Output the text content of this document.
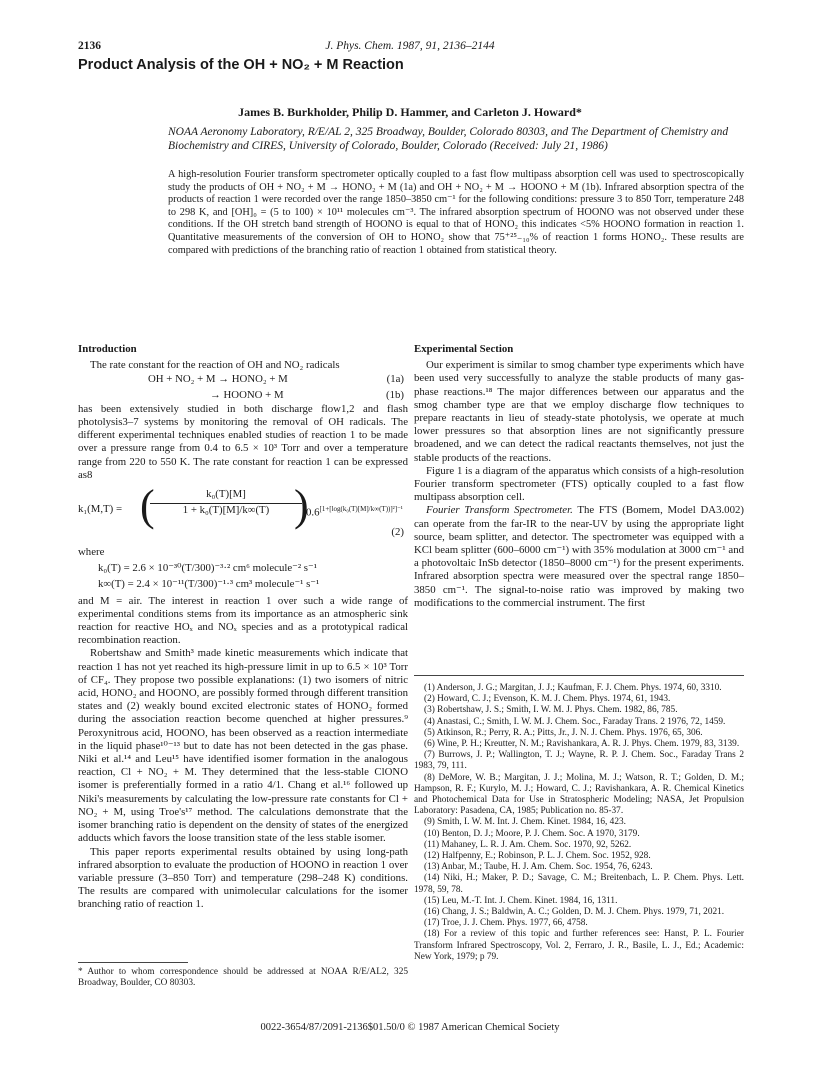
2136	J. Phys. Chem. 1987, 91, 2136–2144
Product Analysis of the OH + NO₂ + M Reaction
James B. Burkholder, Philip D. Hammer, and Carleton J. Howard*
NOAA Aeronomy Laboratory, R/E/AL 2, 325 Broadway, Boulder, Colorado 80303, and The Department of Chemistry and Biochemistry and CIRES, University of Colorado, Boulder, Colorado (Received: July 21, 1986)
A high-resolution Fourier transform spectrometer optically coupled to a fast flow multipass absorption cell was used to spectroscopically study the products of OH + NO₂ + M → HONO₂ + M (1a) and OH + NO₂ + M → HOONO + M (1b). Infrared absorption spectra of the products of reaction 1 were recorded over the range 1850–3850 cm⁻¹ for the following conditions: pressure 3 to 850 Torr, temperature 248 to 298 K, and [OH]₀ = (5 to 100) × 10¹¹ molecules cm⁻³. The infrared absorption spectrum of HOONO was not observed under these conditions. If the OH stretch band strength of HOONO is equal to that of HONO₂ this indicates <5% HOONO formation in reaction 1. Quantitative measurements of the conversion of OH to HONO₂ show that 75⁺²⁵₋₁₀% of reaction 1 forms HONO₂. These results are compared with predictions of the branching ratio of reaction 1 obtained from statistical theory.
Introduction
The rate constant for the reaction of OH and NO₂ radicals
OH + NO₂ + M → HONO₂ + M	(1a)
→ HOONO + M	(1b)
has been extensively studied in both discharge flow1,2 and flash photolysis3–7 systems by monitoring the removal of OH radicals. The different experimental techniques enabled studies of reaction 1 to be made over a pressure range from 0.4 to 6.5 × 10³ Torr and over a temperature range from 220 to 550 K. The rate constant for reaction 1 can be expressed as8
k₁(M,T) = (
$\frac{\text{k₀(T)[M]}}{\text{1 + k₀(T)[M]/k∞(T)}}$
)
$0.6^{[1+[log(k_0(T)[M]/k\infty(T))]^2]^{-1}}$
(2)
where
k₀(T) = 2.6 × 10⁻³⁰(T/300)⁻³·² cm⁶ molecule⁻² s⁻¹
k∞(T) = 2.4 × 10⁻¹¹(T/300)⁻¹·³ cm³ molecule⁻¹ s⁻¹
and M = air. The interest in reaction 1 over such a wide range of experimental conditions stems from its importance as an atmospheric sink reaction for reactive HOₓ and NOₓ species and as a prototypical radical recombination reaction.
Robertshaw and Smith³ made kinetic measurements which indicate that reaction 1 has not yet reached its high-pressure limit in up to 6.5 × 10³ Torr of CF₄. They propose two possible explanations: (1) two isomers of nitric acid, HONO₂ and HOONO, are possibly formed through different transition states and (2) weakly bound excited electronic states of HONO₂ formed during the association reaction become quenched at higher pressures.⁹ Peroxynitrous acid, HOONO, has been observed as a reaction intermediate in the liquid phase¹⁰⁻¹³ but to date has not been detected in the gas phase. Niki et al.¹⁴ and Leu¹⁵ have identified isomer formation in the analogous reaction, Cl + NO₂ + M. They determined that the less-stable ClONO isomer is preferentially formed in a ratio 4/1. Chang et al.¹⁶ followed up Niki's measurements by calculating the low-pressure rate constants for Cl + NO₂ + M, using Troe's¹⁷ method. The calculations demonstrate that the isomer branching ratio is dependent on the density of states of the energized adducts which favors the loose transition state of the less stable isomer.
This paper reports experimental results obtained by using long-path infrared absorption to evaluate the production of HOONO in reaction 1 over variable pressure (3–850 Torr) and temperature (298–248 K) conditions. The results are compared with unimolecular calculations for the isomer branching ratio of reaction 1.
* Author to whom correspondence should be addressed at NOAA R/E/AL2, 325 Broadway, Boulder, CO 80303.
Experimental Section
Our experiment is similar to smog chamber type experiments which have been used very successfully to analyze the stable products of many gas-phase reactions.¹⁸ The major differences between our apparatus and the smog chamber type are that we employ discharge flow techniques to prepare reactants in lieu of steady-state photolysis, we operate at much lower pressures so that absorption lines are not significantly pressure broadened, and we can detect the radical reactants themselves, not just the stable products of the reactions.
Figure 1 is a diagram of the apparatus which consists of a high-resolution Fourier transform spectrometer (FTS) optically coupled to a fast flow multipass absorption cell.
Fourier Transform Spectrometer. The FTS (Bomem, Model DA3.002) can operate from the far-IR to the near-UV by using the appropriate light source, beam splitter, and detector. The spectrometer was equipped with a KCl beam splitter (600–6000 cm⁻¹) with 35% modulation at 3000 cm⁻¹ and a photovoltaic InSb detector (1850–8000 cm⁻¹) for the present experiments. Infrared absorption spectra were measured over the spectral range 1850–3850 cm⁻¹. The signal-to-noise ratio was improved by making two modifications to the commercial instrument. The first
(1) Anderson, J. G.; Margitan, J. J.; Kaufman, F. J. Chem. Phys. 1974, 60, 3310.
(2) Howard, C. J.; Evenson, K. M. J. Chem. Phys. 1974, 61, 1943.
(3) Robertshaw, J. S.; Smith, I. W. M. J. Phys. Chem. 1982, 86, 785.
(4) Anastasi, C.; Smith, I. W. M. J. Chem. Soc., Faraday Trans. 2 1976, 72, 1459.
(5) Atkinson, R.; Perry, R. A.; Pitts, Jr., J. N. J. Chem. Phys. 1976, 65, 306.
(6) Wine, P. H.; Kreutter, N. M.; Ravishankara, A. R. J. Phys. Chem. 1979, 83, 3139.
(7) Burrows, J. P.; Wallington, T. J.; Wayne, R. P. J. Chem. Soc., Faraday Trans 2 1983, 79, 111.
(8) DeMore, W. B.; Margitan, J. J.; Molina, M. J.; Watson, R. T.; Golden, D. M.; Hampson, R. F.; Kurylo, M. J.; Howard, C. J.; Ravishankara, A. R. Chemical Kinetics and Photochemical Data for Use in Stratospheric Modeling; NASA, Jet Propulsion Laboratory: Pasadena, CA, 1985; Publication no. 85-37.
(9) Smith, I. W. M. Int. J. Chem. Kinet. 1984, 16, 423.
(10) Benton, D. J.; Moore, P. J. Chem. Soc. A 1970, 3179.
(11) Mahaney, L. R. J. Am. Chem. Soc. 1970, 92, 5262.
(12) Halfpenny, E.; Robinson, P. L. J. Chem. Soc. 1952, 928.
(13) Anbar, M.; Taube, H. J. Am. Chem. Soc. 1954, 76, 6243.
(14) Niki, H.; Maker, P. D.; Savage, C. M.; Breitenbach, L. P. Chem. Phys. Lett. 1978, 59, 78.
(15) Leu, M.-T. Int. J. Chem. Kinet. 1984, 16, 1311.
(16) Chang, J. S.; Baldwin, A. C.; Golden, D. M. J. Chem. Phys. 1979, 71, 2021.
(17) Troe, J. J. Chem. Phys. 1977, 66, 4758.
(18) For a review of this topic and further references see: Hanst, P. L. Fourier Transform Infrared Spectroscopy, Vol. 2, Ferraro, J. R., Basile, L. J., Ed.; Academic: New York, 1979; p 79.
0022-3654/87/2091-2136$01.50/0 © 1987 American Chemical Society
